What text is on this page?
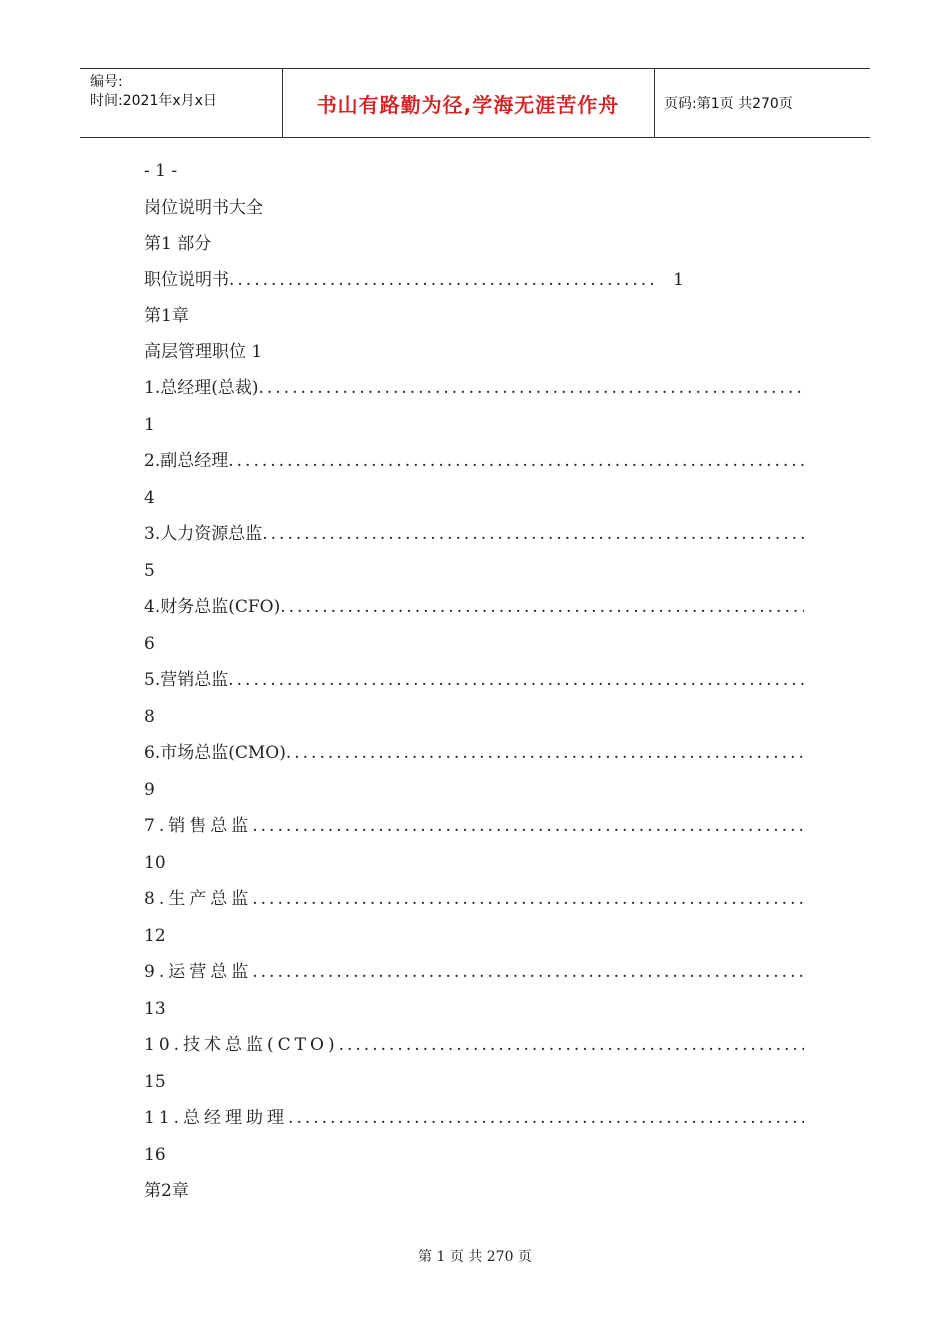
编号:
时间:2021年x月x日	书山有路勤为径,学海无涯苦作舟	页码:第1页 共270页
- 1 -
岗位说明书大全
第1 部分
职位说明书
.....	1
第1章
高层管理职位 1
1.总经理(总裁)
.....
1
2.副总经理
.....
4
3.人力资源总监
.....
5
4.财务总监(CFO)
.....
6
5.营销总监
.....
8
6.市场总监(CMO)
.....
9
7.销售总监
.....
10
8.生产总监
.....
12
9.运营总监
.....
13
10.技术总监(CTO)
.....
15
11.总经理助理
.....
16
第2章
第 1 页 共 270 页
